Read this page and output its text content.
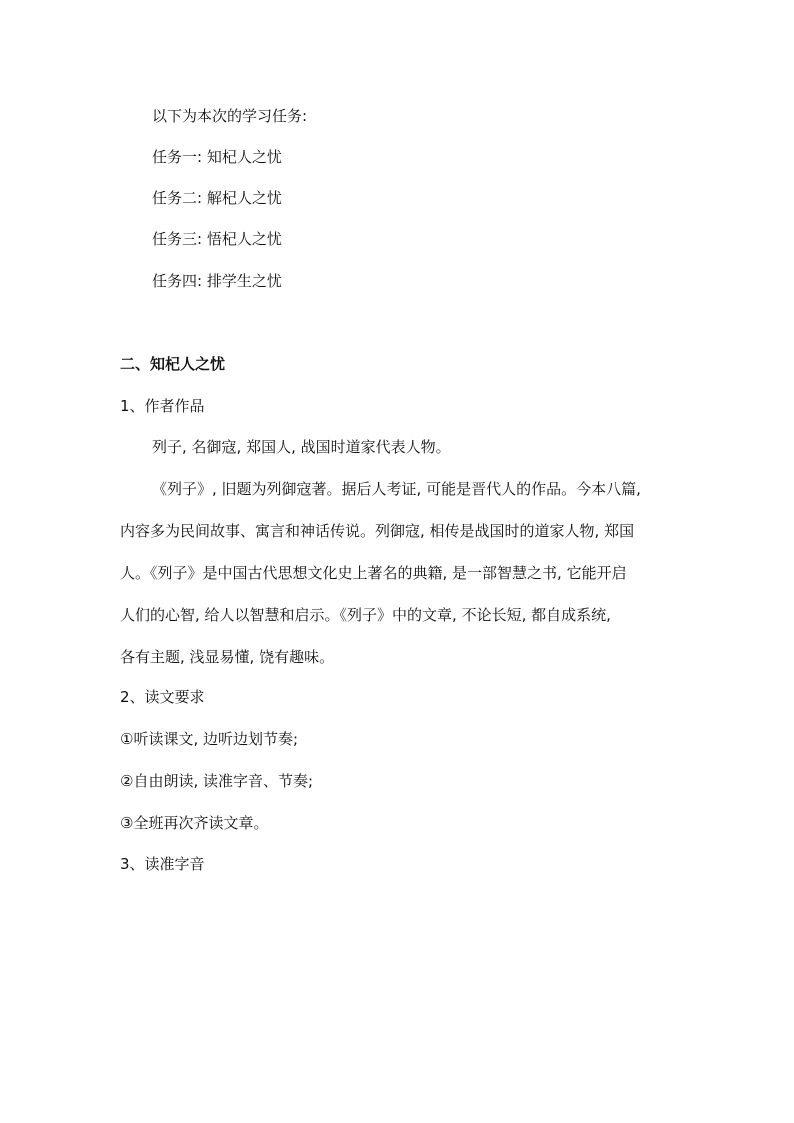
以下为本次的学习任务:
任务一: 知杞人之忧
任务二: 解杞人之忧
任务三: 悟杞人之忧
任务四: 排学生之忧
二、知杞人之忧
1、作者作品
列子, 名御寇, 郑国人, 战国时道家代表人物。
《列子》, 旧题为列御寇著。据后人考证, 可能是晋代人的作品。今本八篇,
内容多为民间故事、寓言和神话传说。列御寇, 相传是战国时的道家人物, 郑国
人。《列子》是中国古代思想文化史上著名的典籍, 是一部智慧之书, 它能开启
人们的心智, 给人以智慧和启示。《列子》中的文章, 不论长短, 都自成系统,
各有主题, 浅显易懂, 饶有趣味。
2、读文要求
①听读课文, 边听边划节奏;
②自由朗读, 读准字音、节奏;
③全班再次齐读文章。
3、读准字音
